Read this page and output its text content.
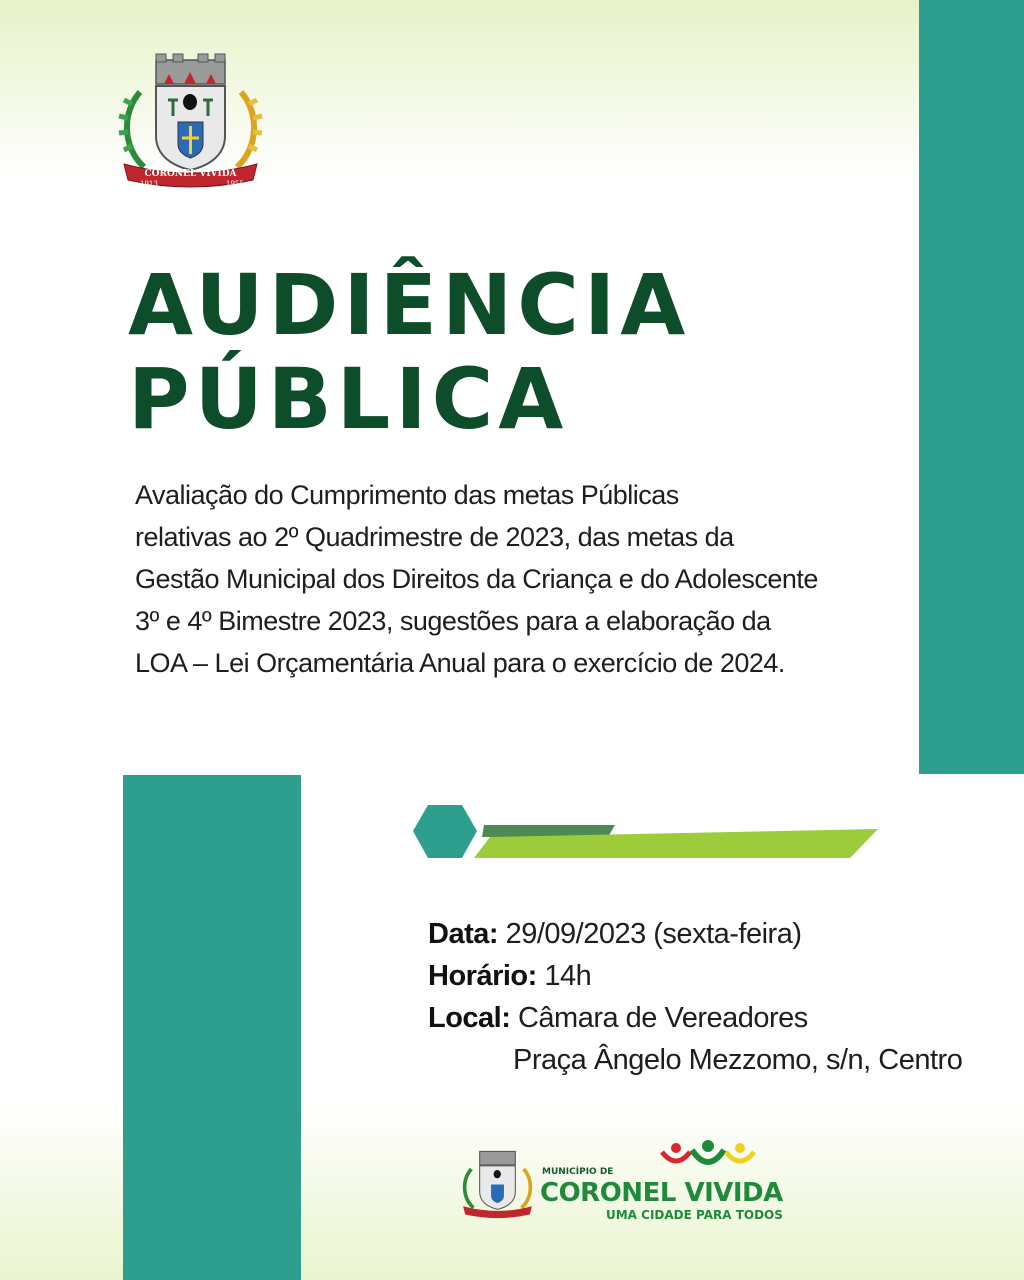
CORONEL VIVIDA
1913	1955
AUDIÊNCIA
PÚBLICA
Avaliação do Cumprimento das metas Públicas
relativas ao 2º Quadrimestre de 2023, das metas da
Gestão Municipal dos Direitos da Criança e do Adolescente
3º e 4º Bimestre 2023, sugestões para a elaboração da
LOA – Lei Orçamentária Anual para o exercício de 2024.
Data: 29/09/2023 (sexta-feira)
Horário: 14h
Local: Câmara de Vereadores
Praça Ângelo Mezzomo, s/n, Centro
MUNICÍPIO DE
CORONEL VIVIDA
UMA CIDADE PARA TODOS
